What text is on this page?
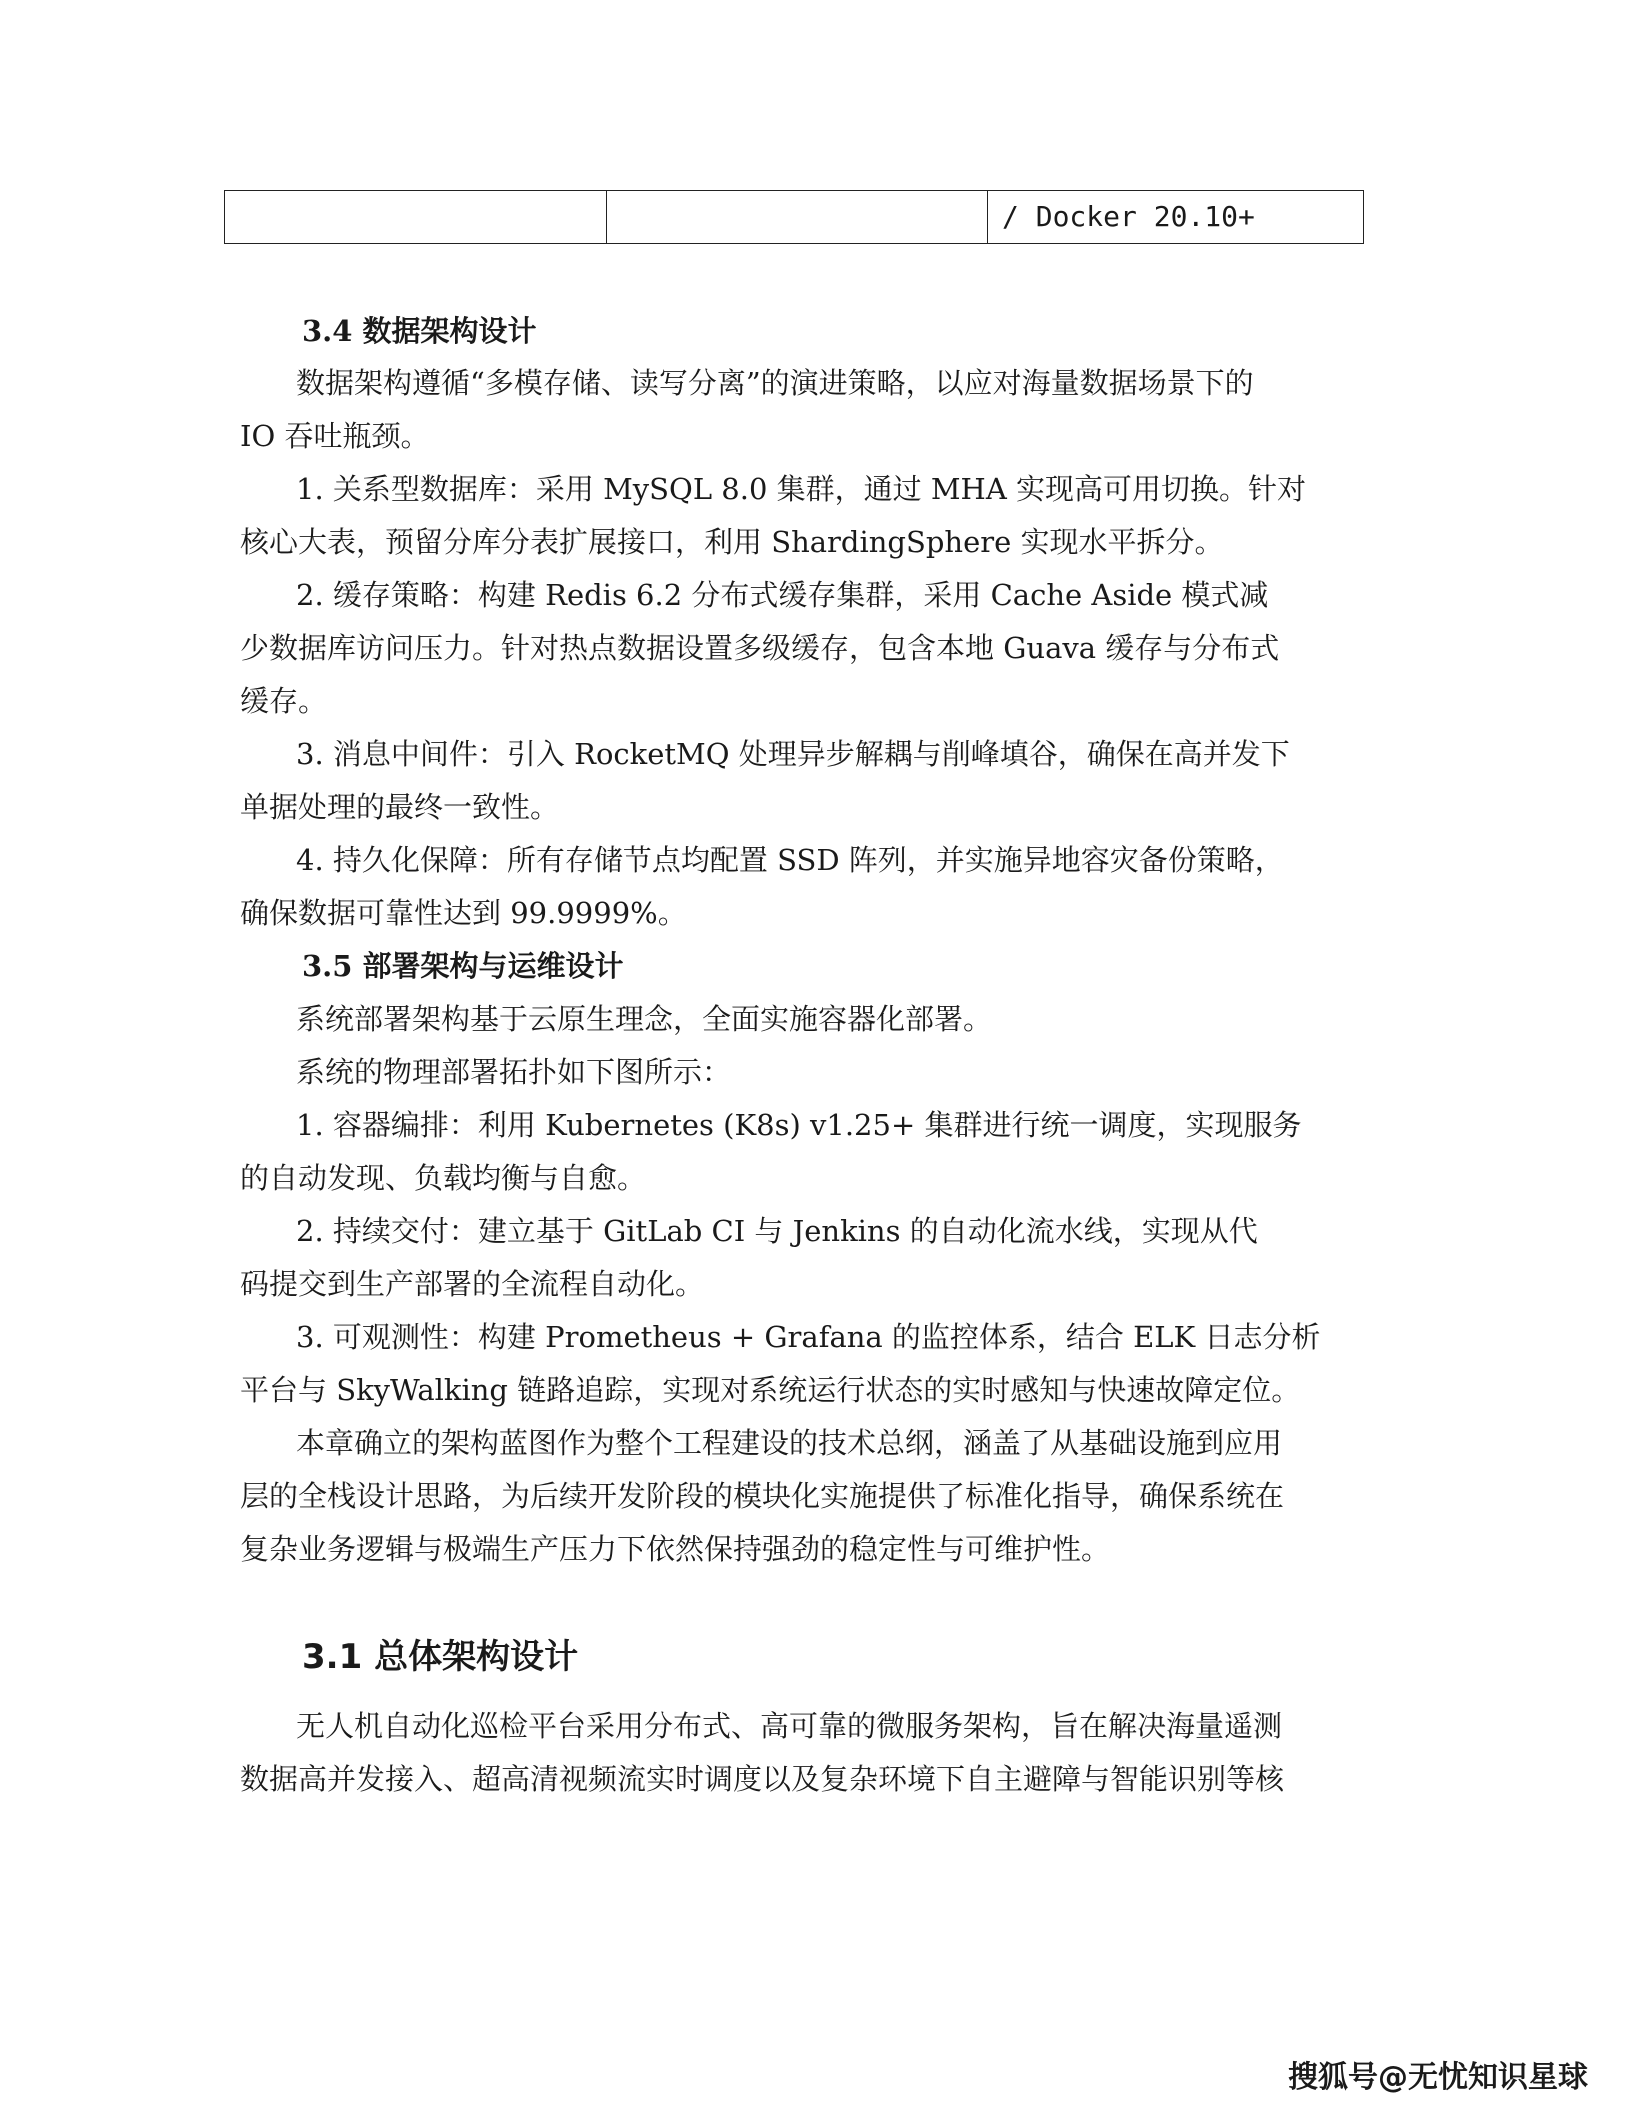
/ Docker 20.10+
3.4 数据架构设计
数据架构遵循“多模存储、读写分离”的演进策略，以应对海量数据场景下的
IO 吞吐瓶颈。
1. 关系型数据库：采用 MySQL 8.0 集群，通过 MHA 实现高可用切换。针对
核心大表，预留分库分表扩展接口，利用 ShardingSphere 实现水平拆分。
2. 缓存策略：构建 Redis 6.2 分布式缓存集群，采用 Cache Aside 模式减
少数据库访问压力。针对热点数据设置多级缓存，包含本地 Guava 缓存与分布式
缓存。
3. 消息中间件：引入 RocketMQ 处理异步解耦与削峰填谷，确保在高并发下
单据处理的最终一致性。
4. 持久化保障：所有存储节点均配置 SSD 阵列，并实施异地容灾备份策略，
确保数据可靠性达到 99.9999%。
3.5 部署架构与运维设计
系统部署架构基于云原生理念，全面实施容器化部署。
系统的物理部署拓扑如下图所示：
1. 容器编排：利用 Kubernetes (K8s) v1.25+ 集群进行统一调度，实现服务
的自动发现、负载均衡与自愈。
2. 持续交付：建立基于 GitLab CI 与 Jenkins 的自动化流水线，实现从代
码提交到生产部署的全流程自动化。
3. 可观测性：构建 Prometheus + Grafana 的监控体系，结合 ELK 日志分析
平台与 SkyWalking 链路追踪，实现对系统运行状态的实时感知与快速故障定位。
本章确立的架构蓝图作为整个工程建设的技术总纲，涵盖了从基础设施到应用
层的全栈设计思路，为后续开发阶段的模块化实施提供了标准化指导，确保系统在
复杂业务逻辑与极端生产压力下依然保持强劲的稳定性与可维护性。
3.1 总体架构设计
无人机自动化巡检平台采用分布式、高可靠的微服务架构，旨在解决海量遥测
数据高并发接入、超高清视频流实时调度以及复杂环境下自主避障与智能识别等核
搜狐号@无忧知识星球
